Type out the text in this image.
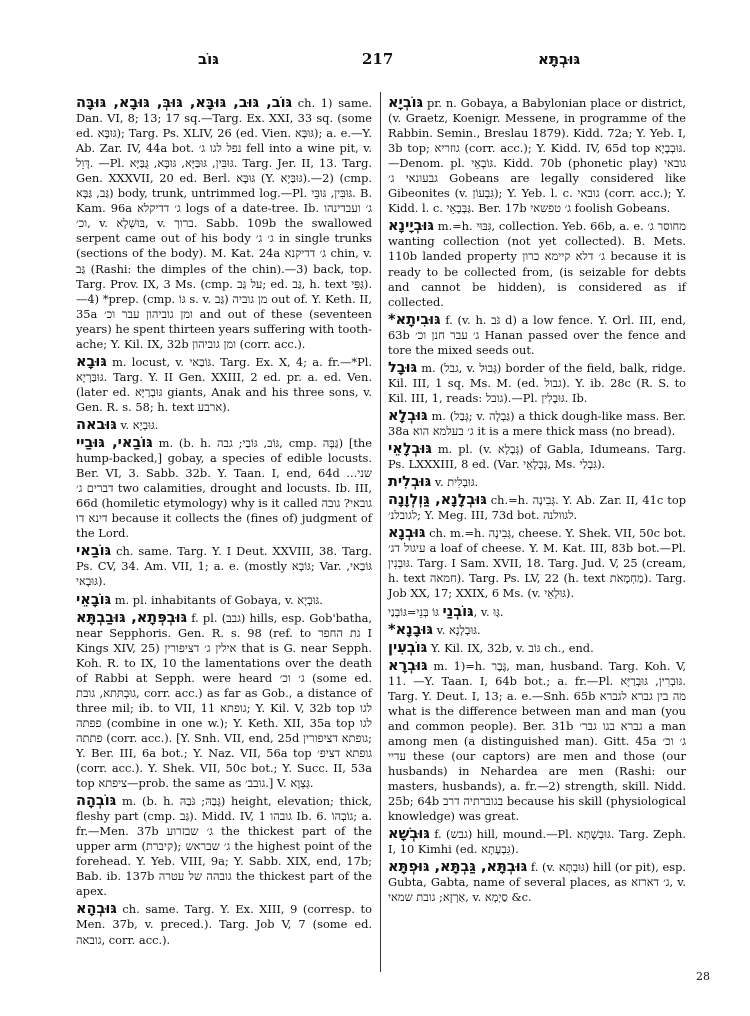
גּוֹב	217	גּוּבְתָּא

גּוֹב, גּוּב, גּוּבָּא, גּוּבְּ, גּוּבָא, גּוּבָּה ch. 1) same. Dan. VI, 8; 13; 17 sq.—Targ. Ex. XXI, 33 sq. (some ed. גּוּבָּא); Targ. Ps. XLIV, 26 (ed. Vien. גּוּבָּא); a. e.—Y. Ab. Zar. IV, 44a bot. נפל לגו ג׳ fell into a wine pit, v. דָּוֵל. —Pl. גּוּבִּין, גּוּבַּיָּא, גּוּבָּא, גֻּבַּיָּא. Targ. Jer. II, 13. Targ. Gen. XXXVII, 20 ed. Berl. גּוּבָּא (Y. גּוּבַּיָא).—2) (cmp. גַּב, גַּבָּא) body, trunk, untrimmed log.—Pl. גּוּבִּין, גּוּבֵּי. B. Kam. 96a ג׳ דדיקלא logs of a date-tree. Ib. ג׳ ועבדינהו וכ׳, v. בּוּשְׁלָא, v. ברוך. Sabb. 109b the swallowed serpent came out of his body ג׳ ג׳ in single trunks (sections of the body). M. Kat. 24a ג׳ דדיקנא chin, v. גַּב (Rashi: the dimples of the chin).—3) back, top. Targ. Prov. IX, 3 Ms. (cmp. על גַּב; ed. גַּב, h. text גַּפֵּי).—4) *prep. (cmp. גּוֹ s. v. גַּב) מן גוביה out of. Y. Keth. II, 35a ומן גוביהון עבר וכ׳ and out of these (seventeen years) he spent thirteen years suffering with tooth-ache; Y. Kil. IX, 32b ומן גוביהון (corr. acc.).

גּוּבָא m. locust, v. גּוֹבַאי. Targ. Ex. X, 4; a. fr.—*Pl. גּוּבַּרְיָא. Targ. Y. II Gen. XXIII, 2 ed. pr. a. ed. Ven. (later ed. גּוּבְרַיָּא giants, Anak and his three sons, v. Gen. R. s. 58; h. text ארבע).

גּוּבאה v. גּוּבְיָא.

גּוֹבַאי, גּוּבַיי m. (b. h. גּוֹב, גּוֹבַי; גבה, cmp. גַּבָּה) [the hump-backed,] gobay, a species of edible locusts. Ber. VI, 3. Sabb. 32b. Y. Taan. I, end, 64d ...שני דברים ג׳ two calamities, drought and locusts. Ib. III, 66d (homiletic etymology) why is it called גובאי? גובה דינא דו because it collects the (fines of) judgment of the Lord.

גּוֹבַאי ch. same. Targ. Y. I Deut. XXVIII, 38. Targ. Ps. CV, 34. Am. VII, 1; a. e. (mostly גּוֹבָא; Var. גּוֹבַאי, גּוּבָאי).

גּוֹבָאֵי m. pl. inhabitants of Gobaya, v. גּוּבְיָא.

גּוּבְפְּתָא, גּוּבַבְתָּא f. pl. (גבב) hills, esp. Gob'batha, near Sepphoris. Gen. R. s. 98 (ref. to גת החפר I Kings XIV, 25) אילין ג׳ דציפורין that is G. near Sepph. Koh. R. to IX, 10 the lamentations over the death of Rabbi at Sepph. were heard ג׳ וכ׳ (some ed. גוּבְתּתא, גובת, corr. acc.) as far as Gob., a distance of three mil; ib. to VII, 11 גופתא; Y. Kil. V, 32b top לגו פפתה (combine in one w.); Y. Keth. XII, 35a top לגו פתתה (corr. acc.). [Y. Snh. VII, end, 25d גופתא דציפורין; Y. Ber. III, 6a bot.; Y. Naz. VII, 56a top גופתא דציפ׳ (corr. acc.). Y. Shek. VII, 50c bot.; Y. Succ. II, 53a top ציפתא—prob. the same as גובב׳.] V. גְּצְוָא.

גּוֹבְהָה m. (b. h. גָּבַהּ; גֹּבַהּ) height, elevation; thick, fleshy part (cmp. גַּב). Midd. IV, 1 גובהו Ib. 6. גוֹבְהוֹ; a. fr.—Men. 37b ג׳ שבזרוע the thickest part of the upper arm (קיברת); ג׳ שבראש the highest point of the forehead. Y. Yeb. VIII, 9a; Y. Sabb. XIX, end, 17b; Bab. ib. 137b גובהה של עטרה the thickest part of the apex.

גּוּבְהָא ch. same. Targ. Y. Ex. XIII, 9 (corresp. to Men. 37b, v. preced.). Targ. Job V, 7 (some ed. גובאה, corr. acc.).

גּוֹבְיָא pr. n. Gobaya, a Babylonian place or district, (v. Graetz, Koenigr. Messene, in programme of the Rabbin. Semin., Breslau 1879). Kidd. 72a; Y. Yeb. I, 3b top; גוזריא (corr. acc.); Y. Kidd. IV, 65d top גּוּבְבָיָא.—Denom. pl. גּוֹבָאֵי. Kidd. 70b (phonetic play) גובאי גבעונאי ג׳ Gobeans are legally considered like Gibeonites (v. גִּבְעוֹן); Y. Yeb. l. c. גובאי (corr. acc.); Y. Kidd. l. c. גַּבְּבָאֵי. Ber. 17b ג׳ טפשאי foolish Gobeans.

גּוּבְיָינָא m.=h. גִּבּוּי, collection. Yeb. 66b, a. e. מחוסר ג׳ wanting collection (not yet collected). B. Mets. 110b landed property ג׳ דלא קיימא כרון because it is ready to be collected from, (is seizable for debts and cannot be hidden), is considered as if collected.

*גּוּבִיתָא f. (v. h. גֹּב d) a low fence. Y. Orl. III, end, 63b ג׳ עבר חנן וכ׳ Hanan passed over the fence and tore the mixed seeds out.

גּוּבָל m. (גבל, v. גְּבוּל) border of the field, balk, ridge. Kil. III, 1 sq. Ms. M. (ed. גבול). Y. ib. 28c (R. S. to Kil. III, 1, reads: גובל).—Pl. גּוּבָלִין. Ib.

גּוּבְלָא m. (גְּבַל; v. גַּבְלָה) a thick dough-like mass. Ber. 38a ג׳ בעלמא הוא it is a mere thick mass (no bread).

גּוּבְלָאֵי m. pl. (v. גְּבָלָא) of Gabla, Idumeans. Targ. Ps. LXXXIII, 8 ed. (Var. גְּבָלָאֵי, Ms. גִּבְלַי).

גּוּבְלִית v. גּוּבְלִית.

גּוּבְלָנָא, גַּוְלְוָנָה ch.=h. גְּבִינָה. Y. Ab. Zar. II, 41c top לגובלנ׳; Y. Meg. III, 73d bot. לגוולנה.

גּוּבְנָא ch. m.=h. גְּבִינָה, cheese. Y. Shek. VII, 50c bot. עיגול דג׳ a loaf of cheese. Y. M. Kat. III, 83b bot.—Pl. גּוּבְנִין. Targ. I Sam. XVII, 18. Targ. Jud. V, 25 (cream, h. text חמאה). Targ. Ps. LV, 22 (h. text מַחְמָאֹת). Targ. Job XX, 17; XXIX, 6 Ms. (v. גּוּלְאֵי).

גּוֹבְנַי גּוֹ בְּנֵי=גּוֹבְנַי, v. גַּוּ.

*גּוּבָנָא v. גּוּבְלָנָא.

גּוֹבְעִין Y. Kil. IX, 32b, v. גּוֹב ch., end.

גּוּבְרָא m. 1)=h. גֶּבֶר, man, husband. Targ. Koh. V, 11. —Y. Taan. I, 64b bot.; a. fr.—Pl. גּוּבְרִין, גּוּבְרַיָּא. Targ. Y. Deut. I, 13; a. e.—Snh. 65b מה בין גברא לגברא what is the difference between man and man (you and common people). Ber. 31b גברא בגו גבר׳ a man among men (a distinguished man). Gitt. 45a ג׳ וכ׳ עדיי these (our captors) are men and those (our husbands) in Nehardea are men (Rashi: our masters, husbands), a. fr.—2) strength, skill. Nidd. 25b; 64b בגוברתיה דרב because his skill (physiological knowledge) was great.

גּוּבְשָׁא f. (גבש) hill, mound.—Pl. גּוּבְשָׁתָא. Targ. Zeph. I, 10 Kimhi (ed. גִּבְעָתָא).

גּוּבְתָּא, גַּבְתָּא, גּוּפְתָּא f. (v. גּוּבְתָּא) hill (or pit), esp. Gubta, Gabta, name of several places, as ג׳ דארזא, v. אַרְזָא; גובת שמאי, v. סַיְמָא &c.

28
